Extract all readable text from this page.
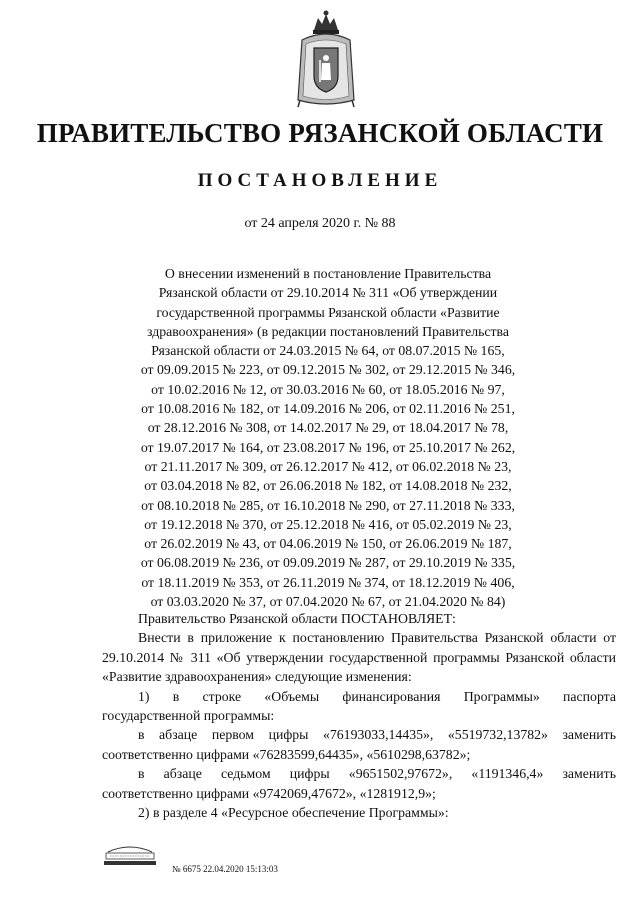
ПРАВИТЕЛЬСТВО РЯЗАНСКОЙ ОБЛАСТИ
ПОСТАНОВЛЕНИЕ
от 24 апреля 2020 г. № 88
О внесении изменений в постановление Правительства
Рязанской области от 29.10.2014 № 311 «Об утверждении
государственной программы Рязанской области «Развитие
здравоохранения» (в редакции постановлений Правительства
Рязанской области от 24.03.2015 № 64, от 08.07.2015 № 165,
от 09.09.2015 № 223, от 09.12.2015 № 302, от 29.12.2015 № 346,
от 10.02.2016 № 12, от 30.03.2016 № 60, от 18.05.2016 № 97,
от 10.08.2016 № 182, от 14.09.2016 № 206, от 02.11.2016 № 251,
от 28.12.2016 № 308, от 14.02.2017 № 29, от 18.04.2017 № 78,
от 19.07.2017 № 164, от 23.08.2017 № 196, от 25.10.2017 № 262,
от 21.11.2017 № 309, от 26.12.2017 № 412, от 06.02.2018 № 23,
от 03.04.2018 № 82, от 26.06.2018 № 182, от 14.08.2018 № 232,
от 08.10.2018 № 285, от 16.10.2018 № 290, от 27.11.2018 № 333,
от 19.12.2018 № 370, от 25.12.2018 № 416, от 05.02.2019 № 23,
от 26.02.2019 № 43, от 04.06.2019 № 150, от 26.06.2019 № 187,
от 06.08.2019 № 236, от 09.09.2019 № 287, от 29.10.2019 № 335,
от 18.11.2019 № 353, от 26.11.2019 № 374, от 18.12.2019 № 406,
от 03.03.2020 № 37, от 07.04.2020 № 67, от 21.04.2020 № 84)

Правительство Рязанской области ПОСТАНОВЛЯЕТ:

Внести в приложение к постановлению Правительства Рязанской области от 29.10.2014 № 311 «Об утверждении государственной программы Рязанской области «Развитие здравоохранения» следующие изменения:

1) в строке «Объемы финансирования Программы» паспорта

государственной программы:

в абзаце первом цифры «76193033,14435», «5519732,13782» заменить соответственно цифрами «76283599,64435», «5610298,63782»;

в абзаце седьмом цифры «9651502,97672», «1191346,4» заменить соответственно цифрами «9742069,47672», «1281912,9»;

2) в разделе 4 «Ресурсное обеспечение Программы»:

№ 6675 22.04.2020 15:13:03
